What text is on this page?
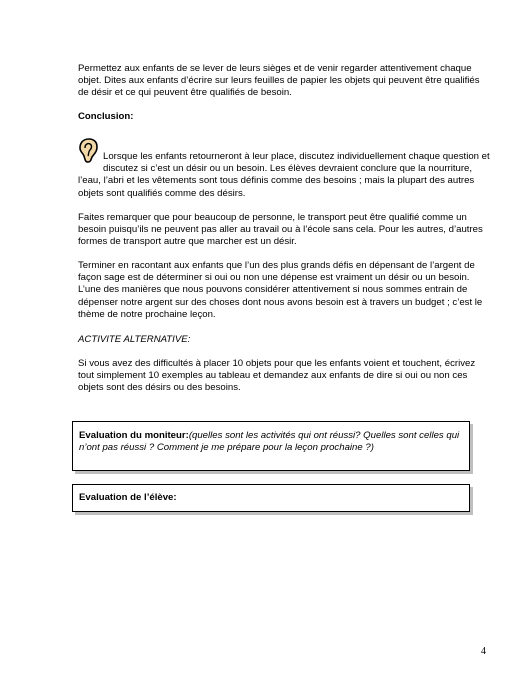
Permettez aux enfants de se lever de leurs sièges et de venir regarder attentivement chaque objet. Dites aux enfants d’écrire sur leurs feuilles de papier les objets qui peuvent être qualifiés de désir et ce qui peuvent être qualifiés de besoin.

Conclusion:

Lorsque les enfants retourneront à leur place, discutez individuellement chaque question et discutez si c’est un désir ou un besoin. Les élèves devraient conclure que la nourriture, l’eau, l’abri et les vêtements sont tous définis comme des besoins ; mais la plupart des autres objets sont qualifiés comme des désirs.

Faites remarquer que pour beaucoup de personne, le transport peut être qualifié comme un besoin puisqu’ils ne peuvent pas aller au travail ou à l’école sans cela. Pour les autres, d’autres formes de transport autre que marcher est un désir.

Terminer en racontant aux enfants que l’un des plus grands défis en dépensant de l’argent de façon sage est de déterminer si oui ou non une dépense est vraiment un désir ou un besoin. L’une des manières que nous pouvons considérer attentivement si nous sommes entrain de dépenser notre argent sur des choses dont nous avons besoin est à travers un budget ; c’est le thème de notre prochaine leçon.

ACTIVITE ALTERNATIVE:

Si vous avez des difficultés à placer 10 objets pour que les enfants voient et touchent, écrivez tout simplement 10 exemples au tableau et demandez aux enfants de dire si oui ou non ces objets sont des désirs ou des besoins.

Evaluation du moniteur:(quelles sont les activités qui ont réussi? Quelles sont celles qui n’ont pas réussi ? Comment je me prépare pour la leçon prochaine ?)
Evaluation de l’élève:
4
